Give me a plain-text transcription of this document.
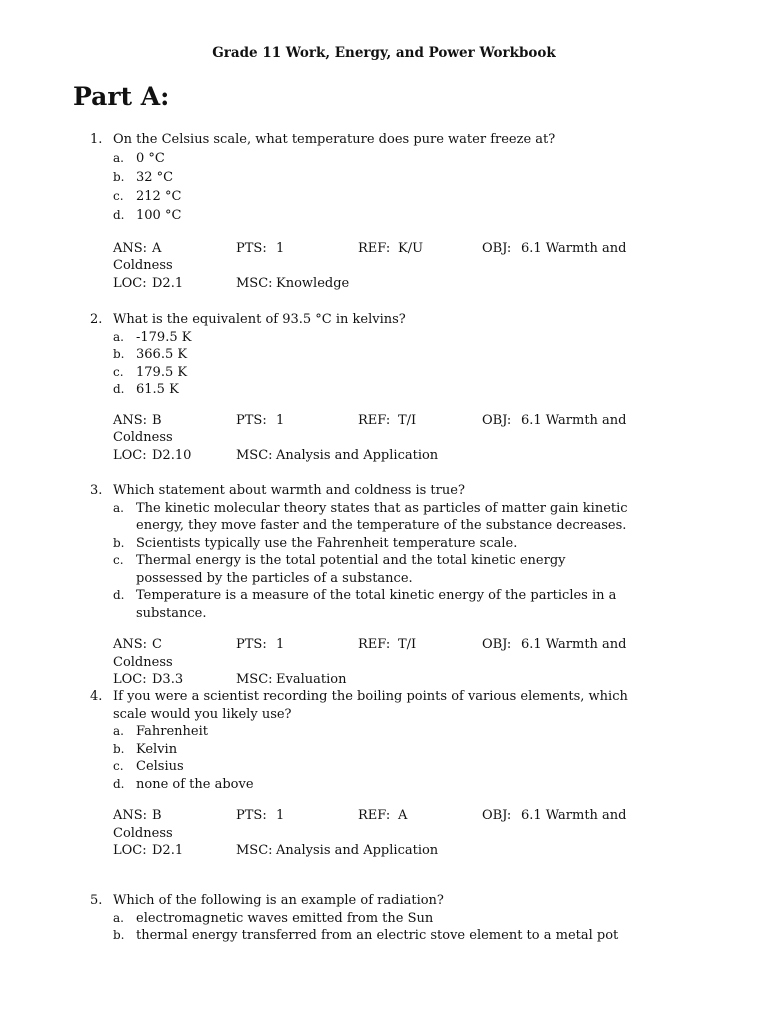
Grade 11 Work, Energy, and Power Workbook
Part A:
1. On the Celsius scale, what temperature does pure water freeze at?
a. 0 °C
b. 32 °C
c. 212 °C
d. 100 °C
ANS: A	PTS: 1	REF: K/U	OBJ: 6.1 Warmth and
Coldness
LOC: D2.1	MSC: Knowledge
2. What is the equivalent of 93.5 °C in kelvins?
a. -179.5 K
b. 366.5 K
c. 179.5 K
d. 61.5 K
ANS: B	PTS: 1	REF: T/I	OBJ: 6.1 Warmth and
Coldness
LOC: D2.10	MSC: Analysis and Application
3. Which statement about warmth and coldness is true?
a. The kinetic molecular theory states that as particles of matter gain kinetic energy, they move faster and the temperature of the substance decreases.
b. Scientists typically use the Fahrenheit temperature scale.
c. Thermal energy is the total potential and the total kinetic energy possessed by the particles of a substance.
d. Temperature is a measure of the total kinetic energy of the particles in a substance.
ANS: C	PTS: 1	REF: T/I	OBJ: 6.1 Warmth and
Coldness
LOC: D3.3	MSC: Evaluation
4. If you were a scientist recording the boiling points of various elements, which scale would you likely use?
a. Fahrenheit
b. Kelvin
c. Celsius
d. none of the above
ANS: B	PTS: 1	REF: A	OBJ: 6.1 Warmth and
Coldness
LOC: D2.1	MSC: Analysis and Application
5. Which of the following is an example of radiation?
a. electromagnetic waves emitted from the Sun
b. thermal energy transferred from an electric stove element to a metal pot
